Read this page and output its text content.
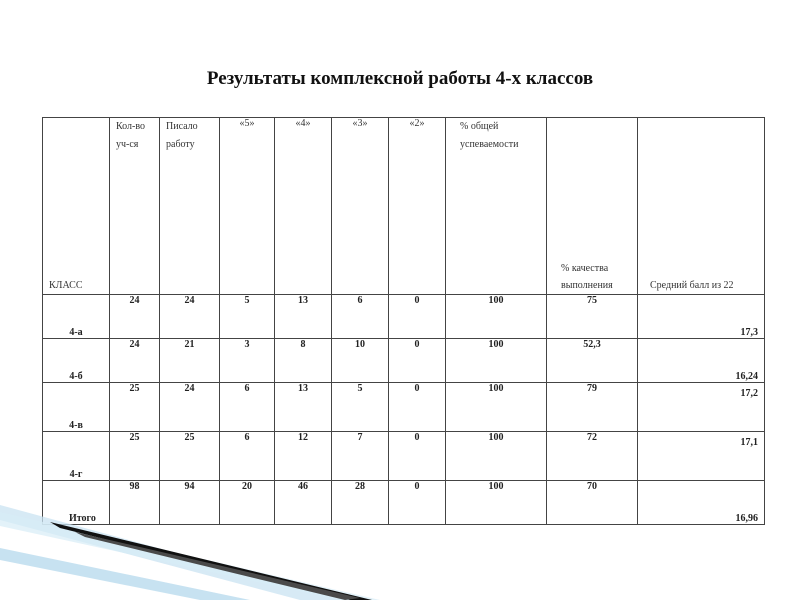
Результаты комплексной работы 4-х классов
КЛАСС	Кол-во уч-ся	Писало работу	«5»	«4»	«3»	«2»	% общей успеваемости	% качества выполнения	Средний балл из 22
4-а	24	24	5	13	6	0	100	75	17,3
4-б	24	21	3	8	10	0	100	52,3	16,24
4-в	25	24	6	13	5	0	100	79	17,2
4-г	25	25	6	12	7	0	100	72	17,1
Итого	98	94	20	46	28	0	100	70	16,96
